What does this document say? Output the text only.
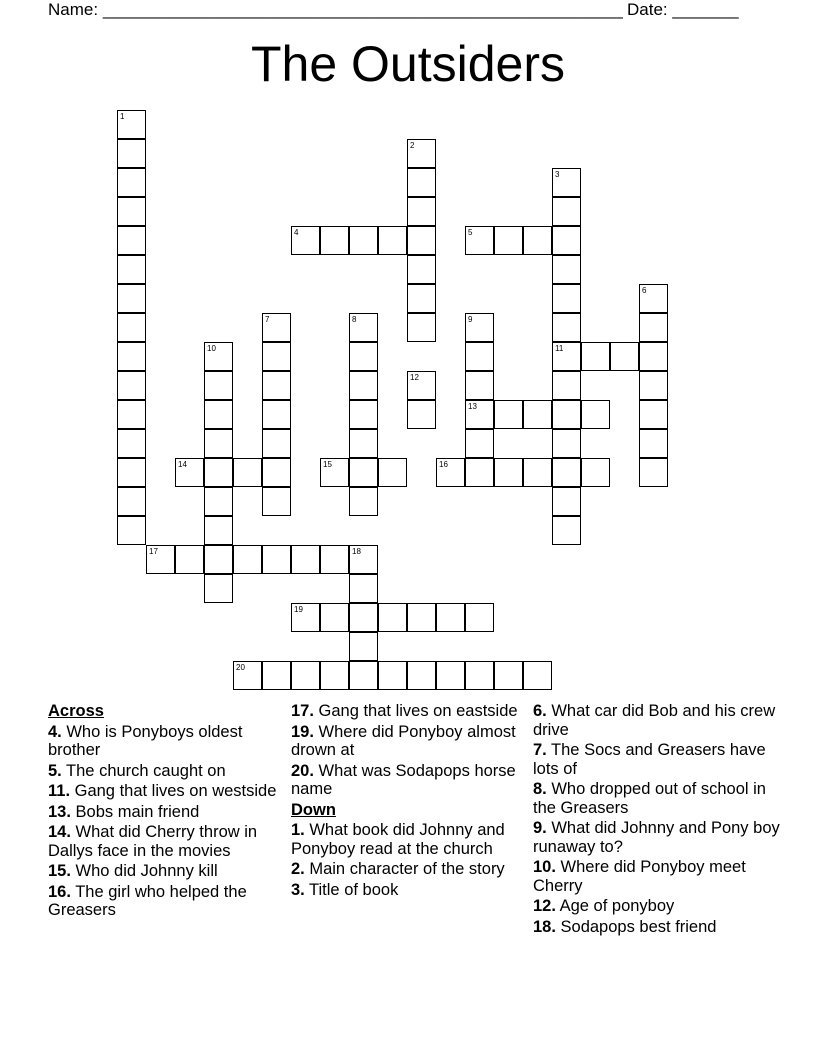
Name: _______________________________________________________ Date: _______
The Outsiders
1
2
3
11
4	5
6
7	8	9
13
10
12
14	15	16
17	18
19
20
Across
4. Who is Ponyboys oldest brother
5. The church caught on
11. Gang that lives on westside
13. Bobs main friend
14. What did Cherry throw in Dallys face in the movies
15. Who did Johnny kill
16. The girl who helped the Greasers
17. Gang that lives on eastside
19. Where did Ponyboy almost drown at
20. What was Sodapops horse name
Down
1. What book did Johnny and Ponyboy read at the church
2. Main character of the story
3. Title of book
6. What car did Bob and his crew drive
7. The Socs and Greasers have lots of
8. Who dropped out of school in the Greasers
9. What did Johnny and Pony boy runaway to?
10. Where did Ponyboy meet Cherry
12. Age of ponyboy
18. Sodapops best friend
